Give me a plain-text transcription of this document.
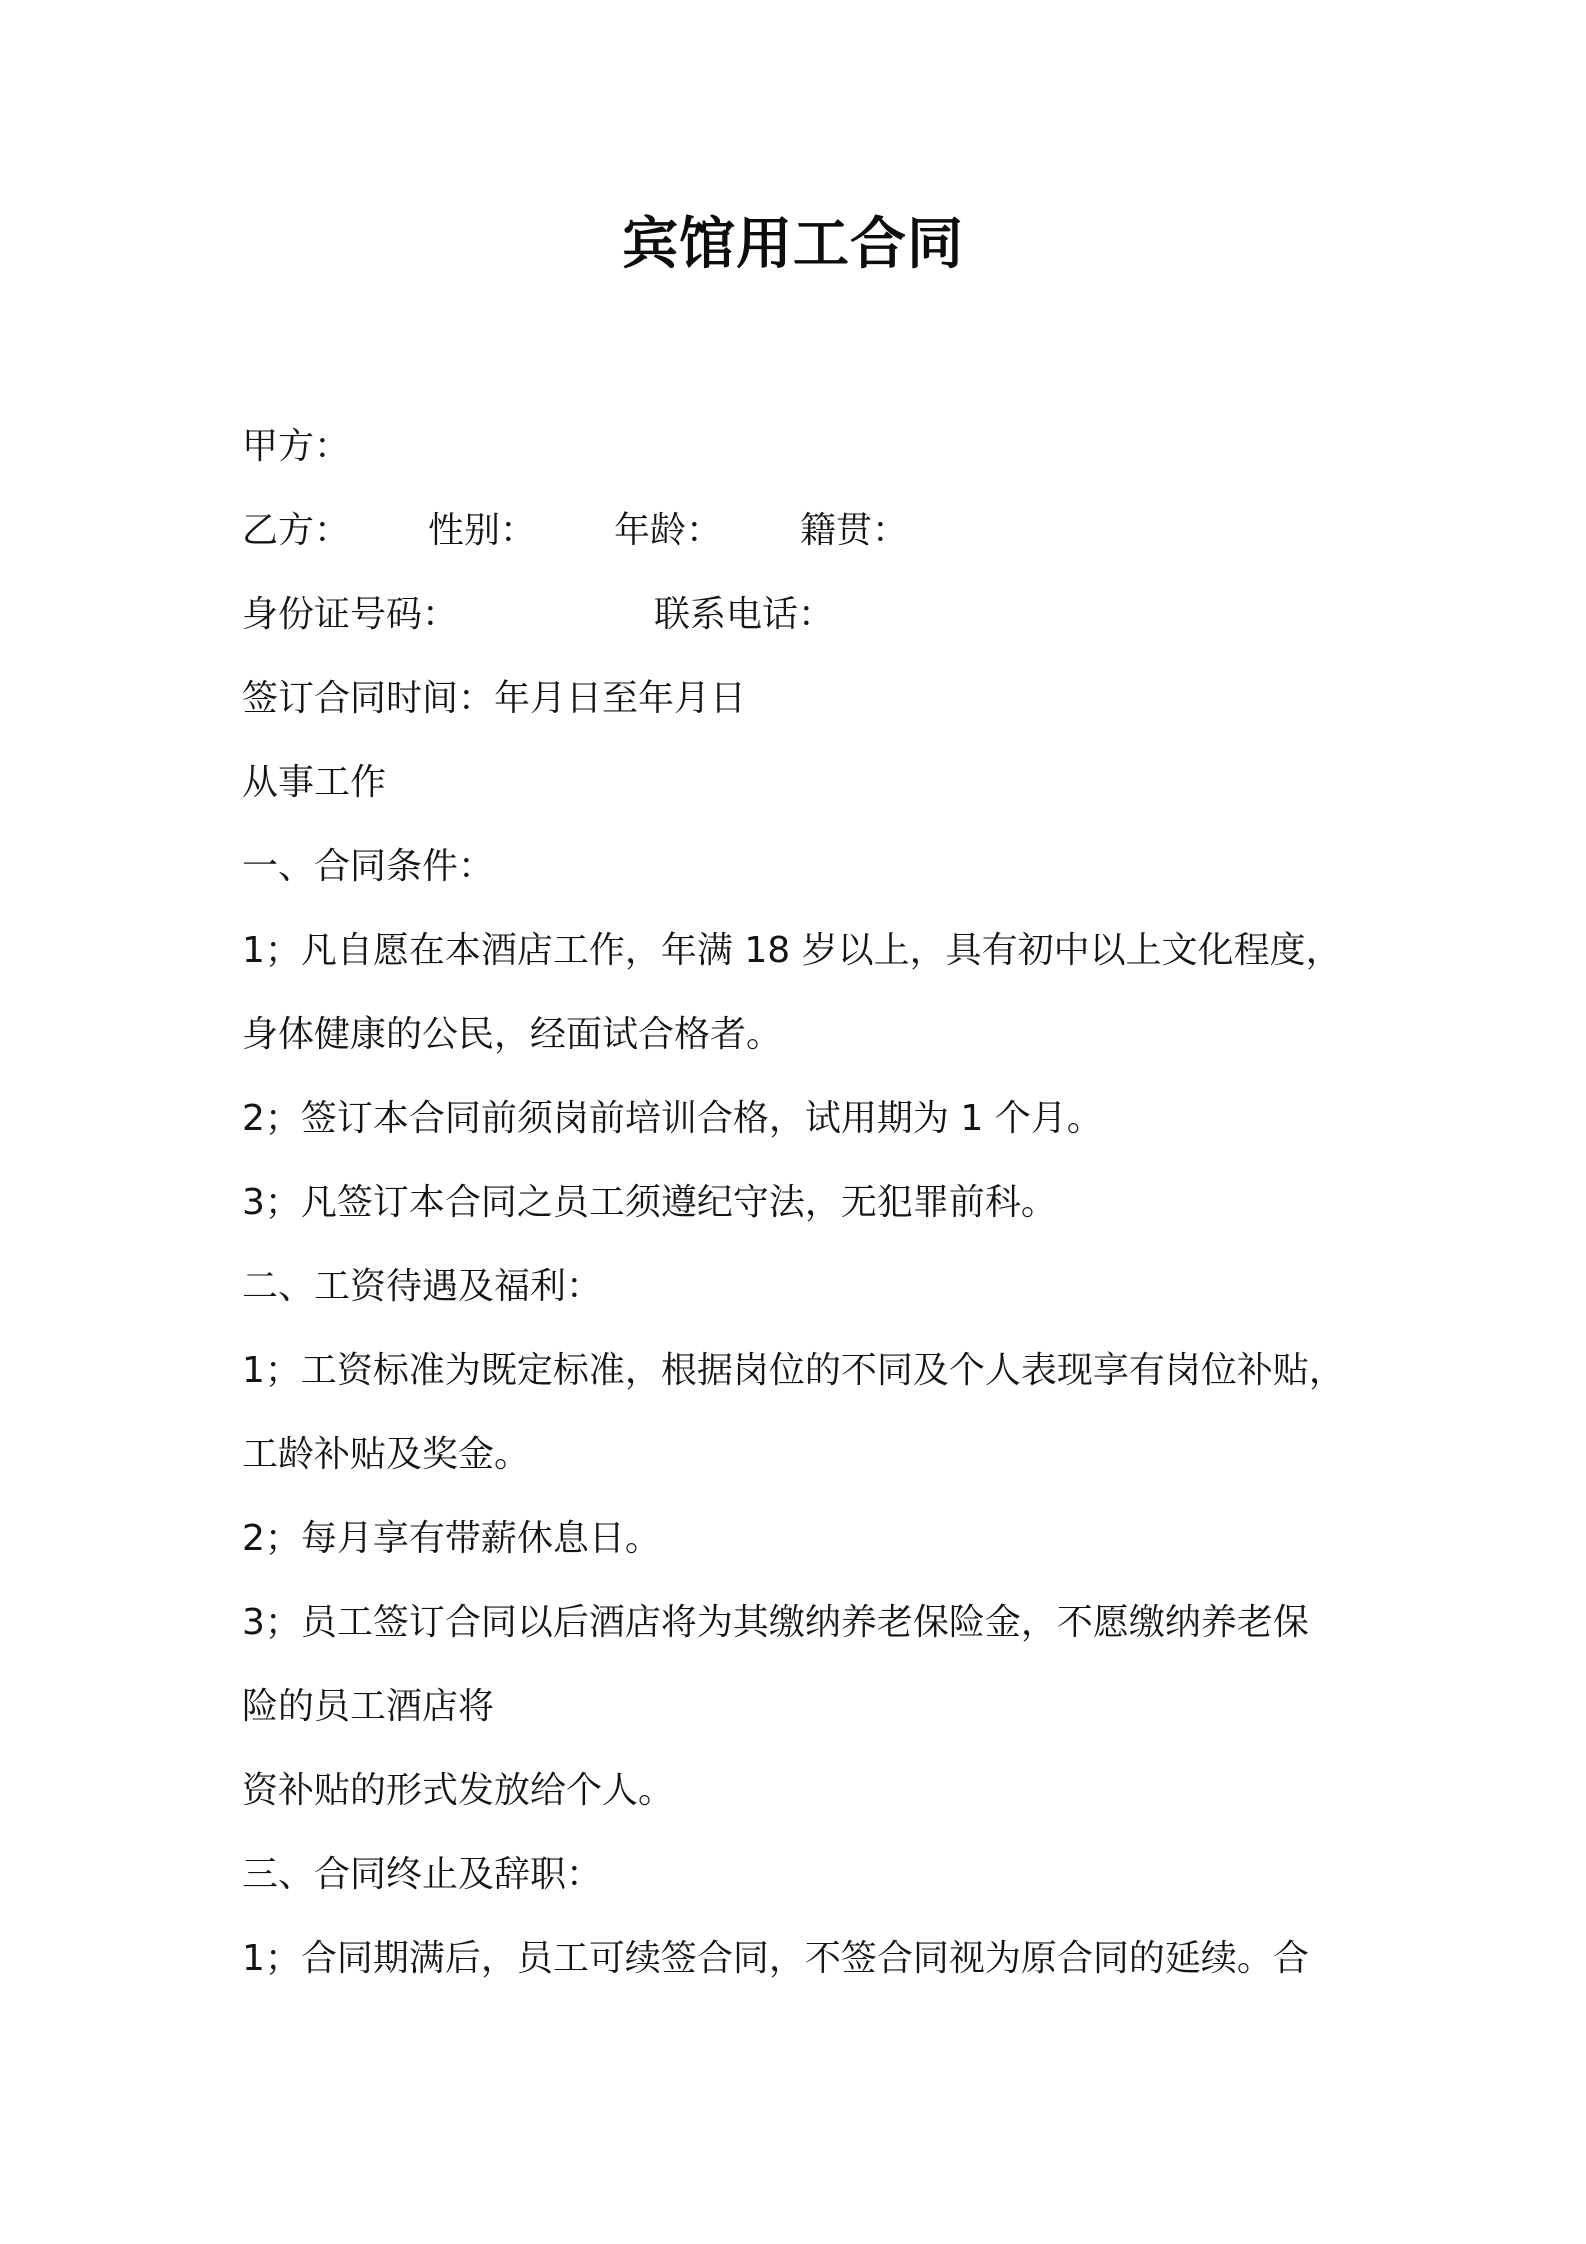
宾馆用工合同
甲方：
乙方： 性别： 年龄： 籍贯：
身份证号码：	联系电话：
签订合同时间：年月日至年月日
从事工作
一、合同条件：
1；凡自愿在本酒店工作，年满 18 岁以上，具有初中以上文化程度，
身体健康的公民，经面试合格者。
2；签订本合同前须岗前培训合格，试用期为 1 个月。
3；凡签订本合同之员工须遵纪守法，无犯罪前科。
二、工资待遇及福利：
1；工资标准为既定标准，根据岗位的不同及个人表现享有岗位补贴，
工龄补贴及奖金。
2；每月享有带薪休息日。
3；员工签订合同以后酒店将为其缴纳养老保险金，不愿缴纳养老保
险的员工酒店将
资补贴的形式发放给个人。
三、合同终止及辞职：
1；合同期满后，员工可续签合同，不签合同视为原合同的延续。合
